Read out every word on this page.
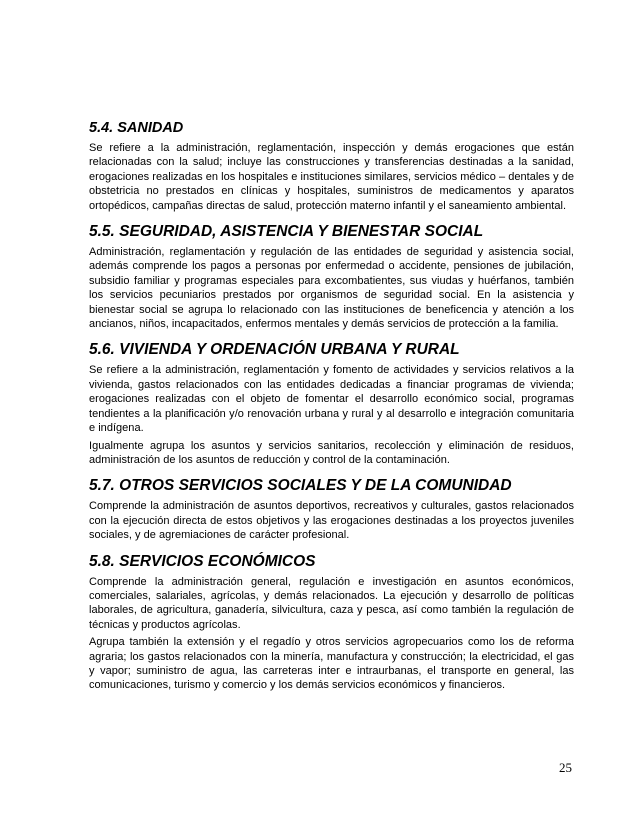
5.4. SANIDAD
Se refiere a la administración, reglamentación, inspección y demás erogaciones que están relacionadas con la salud; incluye las construcciones y transferencias destinadas a la sanidad, erogaciones realizadas en los hospitales e instituciones similares, servicios médico – dentales y de obstetricia no prestados en clínicas y hospitales, suministros de medicamentos y aparatos ortopédicos, campañas directas de salud, protección materno infantil y el saneamiento ambiental.
5.5. SEGURIDAD, ASISTENCIA Y BIENESTAR SOCIAL
Administración, reglamentación y regulación de las entidades de seguridad y asistencia social, además comprende los pagos a personas por enfermedad o accidente, pensiones de jubilación, subsidio familiar y programas especiales para excombatientes, sus viudas y huérfanos, también los servicios pecuniarios prestados por organismos de seguridad social. En la asistencia y bienestar social se agrupa lo relacionado con las instituciones de beneficencia y atención a los ancianos, niños, incapacitados, enfermos mentales y demás servicios de protección a la familia.
5.6. VIVIENDA Y ORDENACIÓN URBANA Y RURAL
Se refiere a la administración, reglamentación y fomento de actividades y servicios relativos a la vivienda, gastos relacionados con las entidades dedicadas a financiar programas de vivienda; erogaciones realizadas con el objeto de fomentar el desarrollo económico social, programas tendientes a la planificación y/o renovación urbana y rural y al desarrollo e integración comunitaria e indígena.
Igualmente agrupa los asuntos y servicios sanitarios, recolección y eliminación de residuos, administración de los asuntos de reducción y control de la contaminación.
5.7. OTROS SERVICIOS SOCIALES Y DE LA COMUNIDAD
Comprende la administración de asuntos deportivos, recreativos y culturales, gastos relacionados con la ejecución directa de estos objetivos y las erogaciones destinadas a los proyectos juveniles sociales, y de agremiaciones de carácter profesional.
5.8. SERVICIOS ECONÓMICOS
Comprende la administración general, regulación e investigación en asuntos económicos, comerciales, salariales, agrícolas, y demás relacionados. La ejecución y desarrollo de políticas laborales, de agricultura, ganadería, silvicultura, caza y pesca, así como también la regulación de técnicas y productos agrícolas.
Agrupa también la extensión y el regadío y otros servicios agropecuarios como los de reforma agraria; los gastos relacionados con la minería, manufactura y construcción; la electricidad, el gas y vapor; suministro de agua, las carreteras inter e intraurbanas, el transporte en general, las comunicaciones, turismo y comercio y los demás servicios económicos y financieros.
25
